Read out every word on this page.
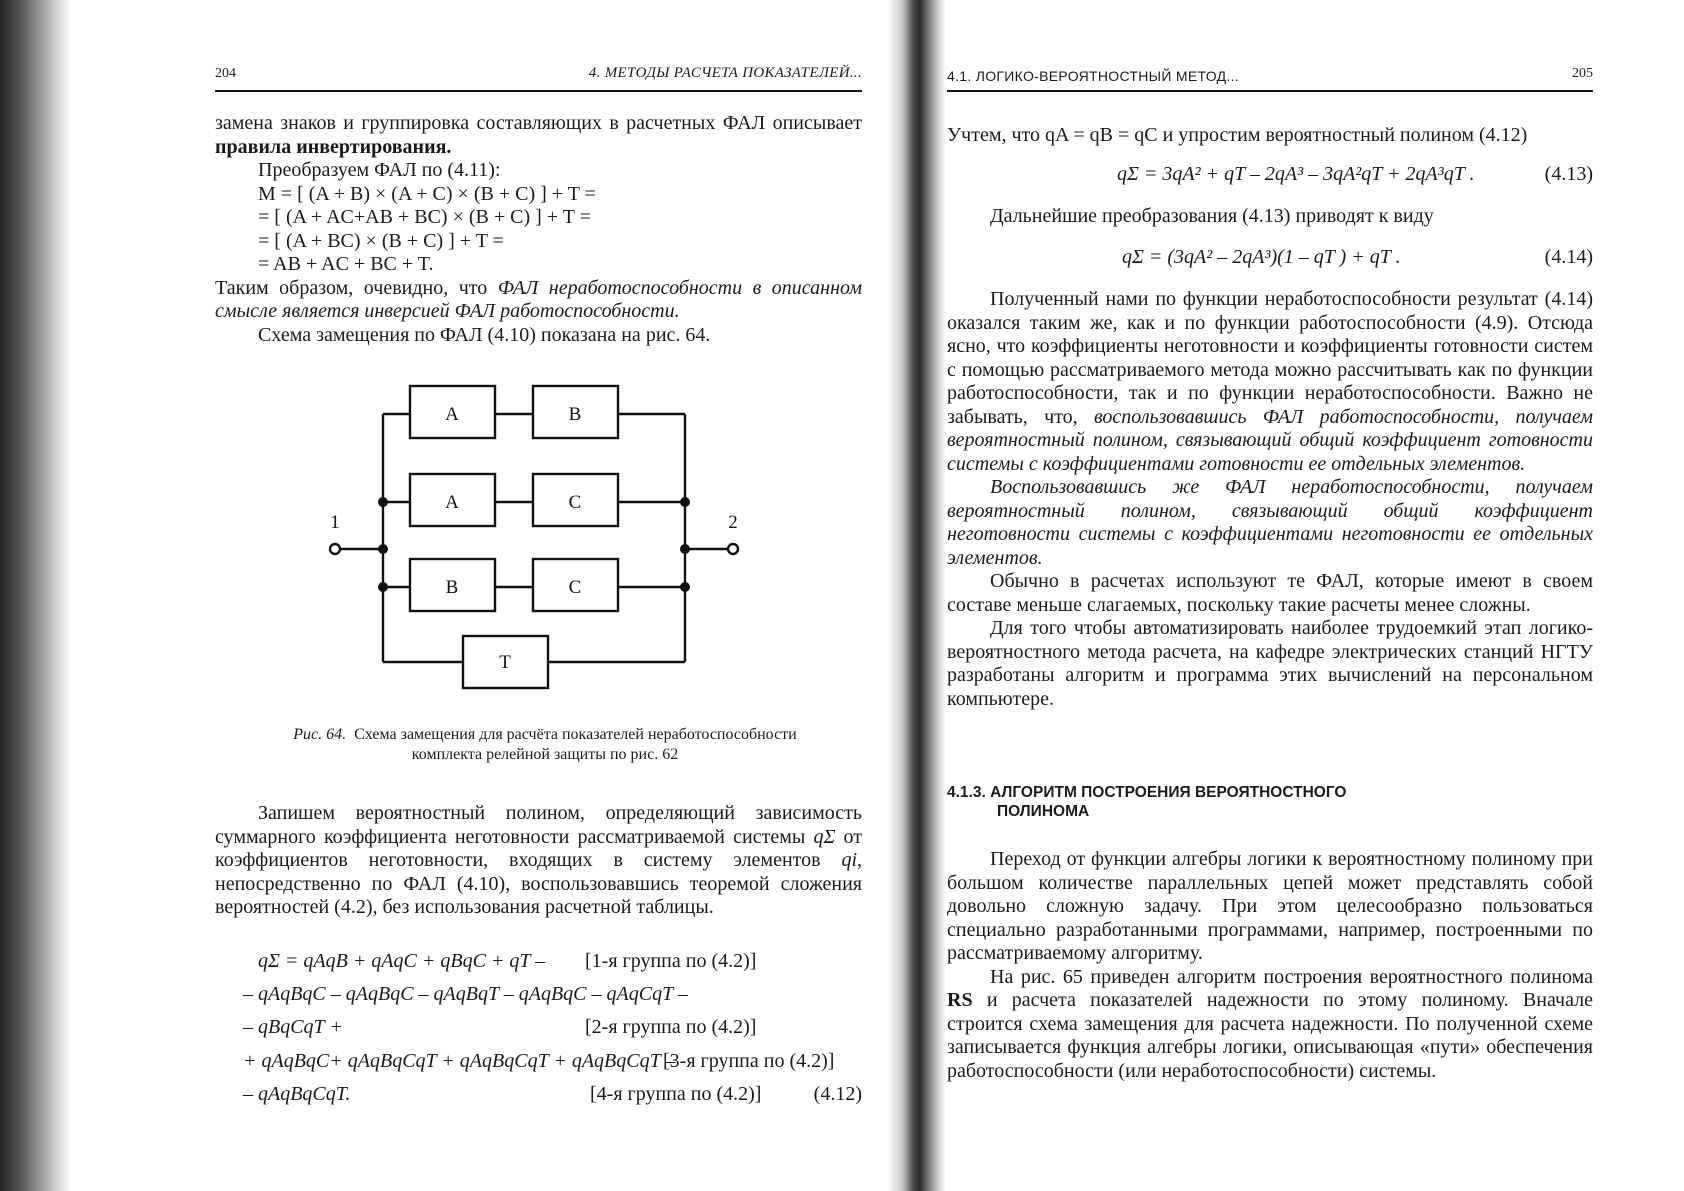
204	4. МЕТОДЫ РАСЧЕТА ПОКАЗАТЕЛЕЙ...

замена знаков и группировка составляющих в расчетных ФАЛ описывает правила инвертирования.

Преобразуем ФАЛ по (4.11):

M = [ (A + B) × (A + C) × (B + C) ] + T =

= [ (A + AC+AB + BC) × (B + C) ] + T =

= [ (A + BC) × (B + C) ] + T =

= AB + AC + BC + T.

Таким образом, очевидно, что ФАЛ неработоспособности в описанном смысле является инверсией ФАЛ работоспособности.

Схема замещения по ФАЛ (4.10) показана на рис. 64.

A	B
A	C
B	C
T
1	2
Рис. 64. Схема замещения для расчёта показателей неработоспособности комплекта релейной защиты по рис. 62

Запишем вероятностный полином, определяющий зависимость суммарного коэффициента неготовности рассматриваемой системы qΣ от коэффициентов неготовности, входящих в систему элементов qi, непосредственно по ФАЛ (4.10), воспользовавшись теоремой сложения вероятностей (4.2), без использования расчетной таблицы.

qΣ = qAqB + qAqC + qBqC + qT – [1-я группа по (4.2)]
– qAqBqC – qAqBqC – qAqBqT – qAqBqC – qAqCqT –
– qBqCqT +	[2-я группа по (4.2)]
+ qAqBqC+ qAqBqCqT + qAqBqCqT + qAqBqCqT –
[3-я группа по (4.2)]
– qAqBqCqT.	[4-я группа по (4.2)]	(4.12)
4.1. ЛОГИКО-ВЕРОЯТНОСТНЫЙ МЕТОД...	205

Учтем, что qA = qB = qC и упростим вероятностный полином (4.12)

qΣ = 3qA² + qT – 2qA³ – 3qA²qT + 2qA³qT .	(4.13)

Дальнейшие преобразования (4.13) приводят к виду

qΣ = (3qA² – 2qA³)(1 – qT ) + qT .	(4.14)

Полученный нами по функции неработоспособности результат (4.14) оказался таким же, как и по функции работоспособности (4.9). Отсюда ясно, что коэффициенты неготовности и коэффициенты готовности систем с помощью рассматриваемого метода можно рассчитывать как по функции работоспособности, так и по функции неработоспособности. Важно не забывать, что, воспользовавшись ФАЛ работоспособности, получаем вероятностный полином, связывающий общий коэффициент готовности системы с коэффициентами готовности ее отдельных элементов.

Воспользовавшись же ФАЛ неработоспособности, получаем вероятностный полином, связывающий общий коэффициент неготовности системы с коэффициентами неготовности ее отдельных элементов.

Обычно в расчетах используют те ФАЛ, которые имеют в своем составе меньше слагаемых, поскольку такие расчеты менее сложны.

Для того чтобы автоматизировать наиболее трудоемкий этап логико-вероятностного метода расчета, на кафедре электрических станций НГТУ разработаны алгоритм и программа этих вычислений на персональном компьютере.

4.1.3. АЛГОРИТМ ПОСТРОЕНИЯ ВЕРОЯТНОСТНОГО
ПОЛИНОМА

Переход от функции алгебры логики к вероятностному полиному при большом количестве параллельных цепей может представлять собой довольно сложную задачу. При этом целесообразно пользоваться специально разработанными программами, например, построенными по рассматриваемому алгоритму.

На рис. 65 приведен алгоритм построения вероятностного полинома RS и расчета показателей надежности по этому полиному. Вначале строится схема замещения для расчета надежности. По полученной схеме записывается функция алгебры логики, описывающая «пути» обеспечения работоспособности (или неработоспособности) системы.
